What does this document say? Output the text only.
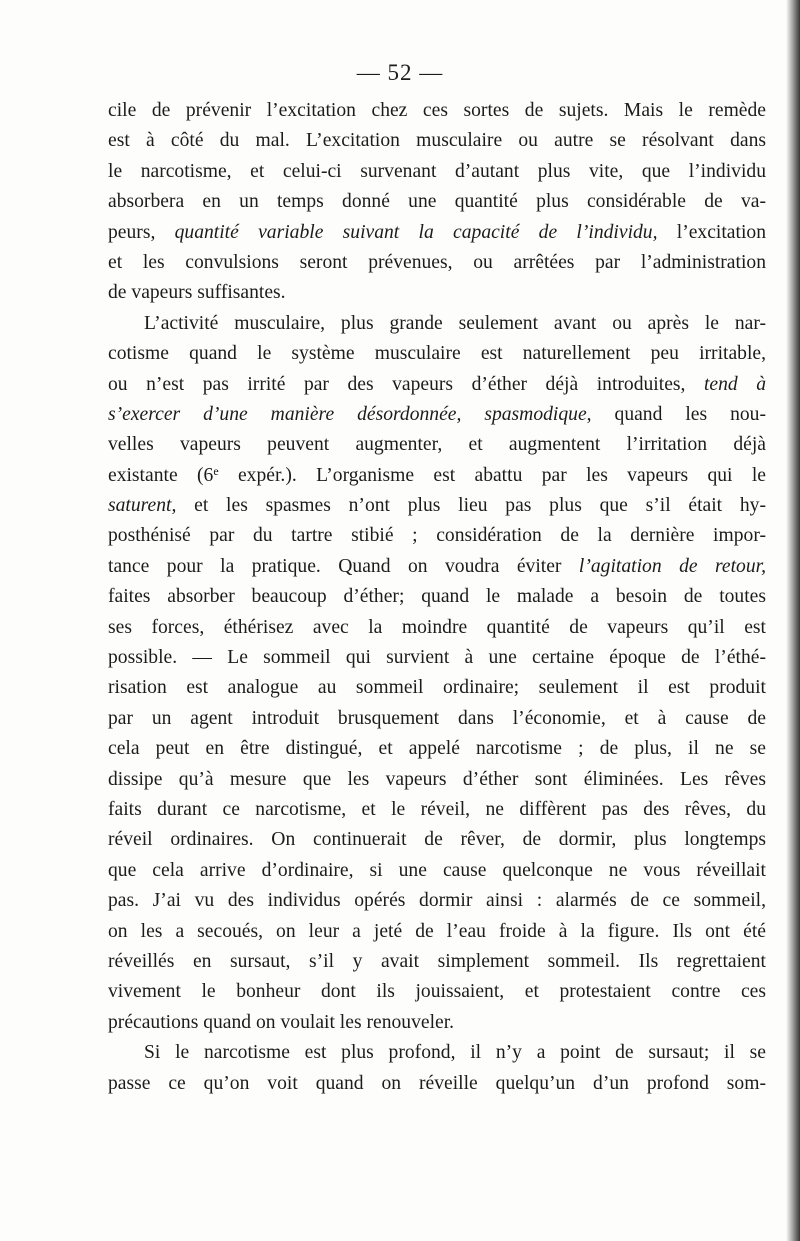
— 52 —
cile de prévenir l’excitation chez ces sortes de sujets. Mais le remède
est à côté du mal. L’excitation musculaire ou autre se résolvant dans
le narcotisme, et celui-ci survenant d’autant plus vite, que l’individu
absorbera en un temps donné une quantité plus considérable de va-
peurs, quantité variable suivant la capacité de l’individu, l’excitation
et les convulsions seront prévenues, ou arrêtées par l’administration
de vapeurs suffisantes.
L’activité musculaire, plus grande seulement avant ou après le nar-
cotisme quand le système musculaire est naturellement peu irritable,
ou n’est pas irrité par des vapeurs d’éther déjà introduites, tend à
s’exercer d’une manière désordonnée, spasmodique, quand les nou-
velles vapeurs peuvent augmenter, et augmentent l’irritation déjà
existante (6e expér.). L’organisme est abattu par les vapeurs qui le
saturent, et les spasmes n’ont plus lieu pas plus que s’il était hy-
posthénisé par du tartre stibié ; considération de la dernière impor-
tance pour la pratique. Quand on voudra éviter l’agitation de retour,
faites absorber beaucoup d’éther; quand le malade a besoin de toutes
ses forces, éthérisez avec la moindre quantité de vapeurs qu’il est
possible. — Le sommeil qui survient à une certaine époque de l’éthé-
risation est analogue au sommeil ordinaire; seulement il est produit
par un agent introduit brusquement dans l’économie, et à cause de
cela peut en être distingué, et appelé narcotisme ; de plus, il ne se
dissipe qu’à mesure que les vapeurs d’éther sont éliminées. Les rêves
faits durant ce narcotisme, et le réveil, ne diffèrent pas des rêves, du
réveil ordinaires. On continuerait de rêver, de dormir, plus longtemps
que cela arrive d’ordinaire, si une cause quelconque ne vous réveillait
pas. J’ai vu des individus opérés dormir ainsi : alarmés de ce sommeil,
on les a secoués, on leur a jeté de l’eau froide à la figure. Ils ont été
réveillés en sursaut, s’il y avait simplement sommeil. Ils regrettaient
vivement le bonheur dont ils jouissaient, et protestaient contre ces
précautions quand on voulait les renouveler.
Si le narcotisme est plus profond, il n’y a point de sursaut; il se
passe ce qu’on voit quand on réveille quelqu’un d’un profond som-
